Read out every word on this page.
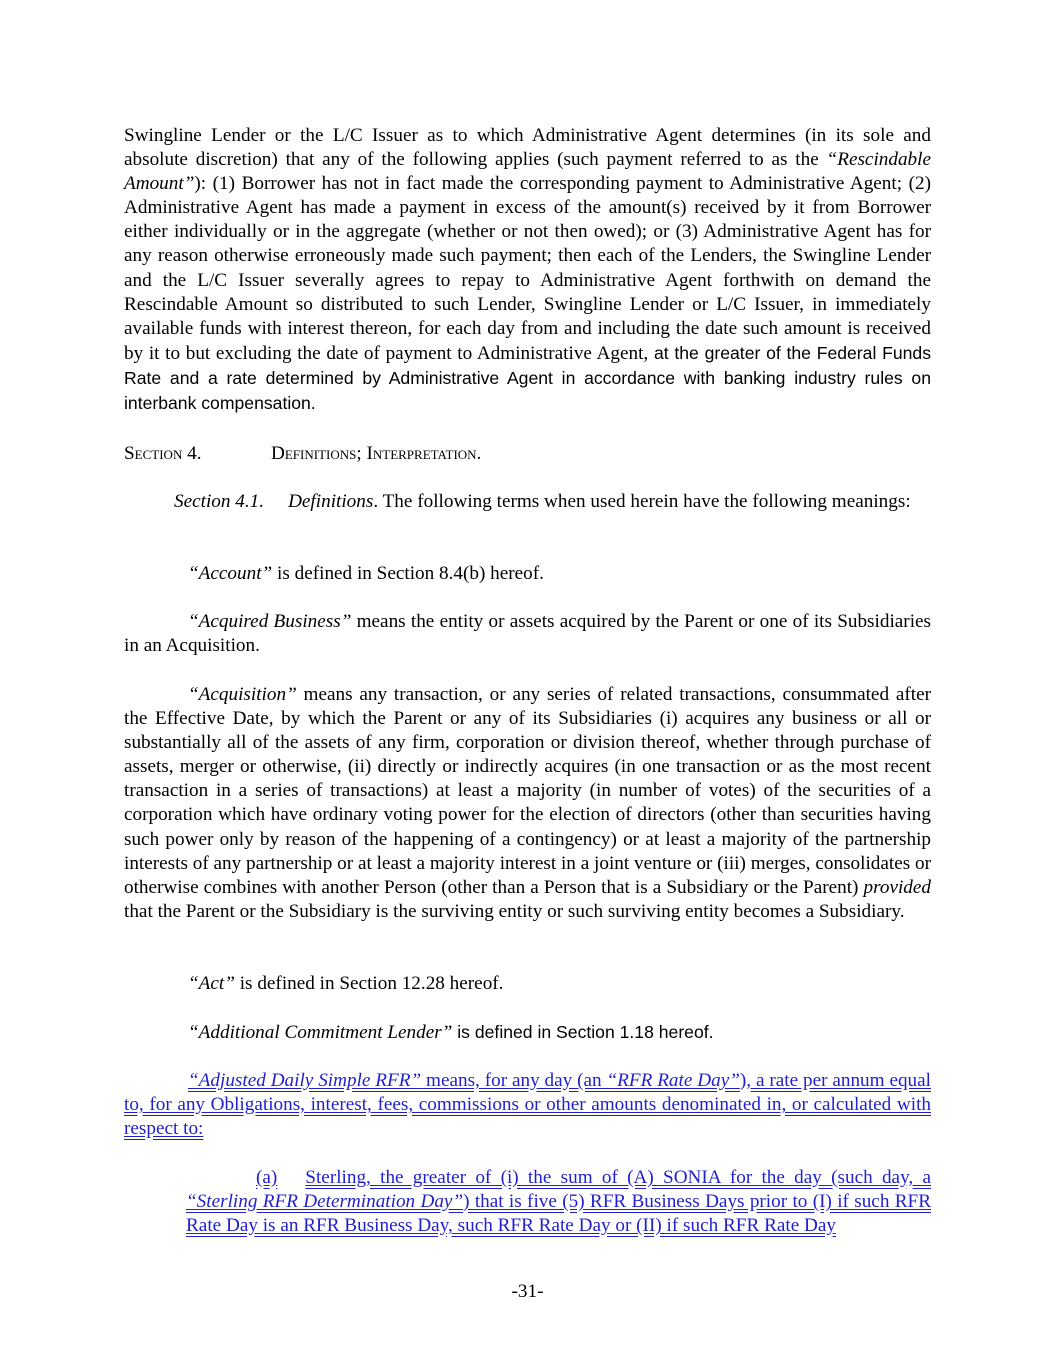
Swingline Lender or the L/C Issuer as to which Administrative Agent determines (in its sole and absolute discretion) that any of the following applies (such payment referred to as the “Rescindable Amount”): (1) Borrower has not in fact made the corresponding payment to Administrative Agent; (2) Administrative Agent has made a payment in excess of the amount(s) received by it from Borrower either individually or in the aggregate (whether or not then owed); or (3) Administrative Agent has for any reason otherwise erroneously made such payment; then each of the Lenders, the Swingline Lender and the L/C Issuer severally agrees to repay to Administrative Agent forthwith on demand the Rescindable Amount so distributed to such Lender, Swingline Lender or L/C Issuer, in immediately available funds with interest thereon, for each day from and including the date such amount is received by it to but excluding the date of payment to Administrative Agent, at the greater of the Federal Funds Rate and a rate determined by Administrative Agent in accordance with banking industry rules on interbank compensation.

Section 4.	Definitions; Interpretation.

Section 4.1. Definitions. The following terms when used herein have the following meanings:

“Account” is defined in Section 8.4(b) hereof.

“Acquired Business” means the entity or assets acquired by the Parent or one of its Subsidiaries in an Acquisition.

“Acquisition” means any transaction, or any series of related transactions, consummated after the Effective Date, by which the Parent or any of its Subsidiaries (i) acquires any business or all or substantially all of the assets of any firm, corporation or division thereof, whether through purchase of assets, merger or otherwise, (ii) directly or indirectly acquires (in one transaction or as the most recent transaction in a series of transactions) at least a majority (in number of votes) of the securities of a corporation which have ordinary voting power for the election of directors (other than securities having such power only by reason of the happening of a contingency) or at least a majority of the partnership interests of any partnership or at least a majority interest in a joint venture or (iii) merges, consolidates or otherwise combines with another Person (other than a Person that is a Subsidiary or the Parent) provided that the Parent or the Subsidiary is the surviving entity or such surviving entity becomes a Subsidiary.

“Act” is defined in Section 12.28 hereof.

“Additional Commitment Lender” is defined in Section 1.18 hereof.

“Adjusted Daily Simple RFR” means, for any day (an “RFR Rate Day”), a rate per annum equal to, for any Obligations, interest, fees, commissions or other amounts denominated in, or calculated with respect to:

(a) Sterling, the greater of (i) the sum of (A) SONIA for the day (such day, a “Sterling RFR Determination Day”) that is five (5) RFR Business Days prior to (I) if such RFR Rate Day is an RFR Business Day, such RFR Rate Day or (II) if such RFR Rate Day

-31-
